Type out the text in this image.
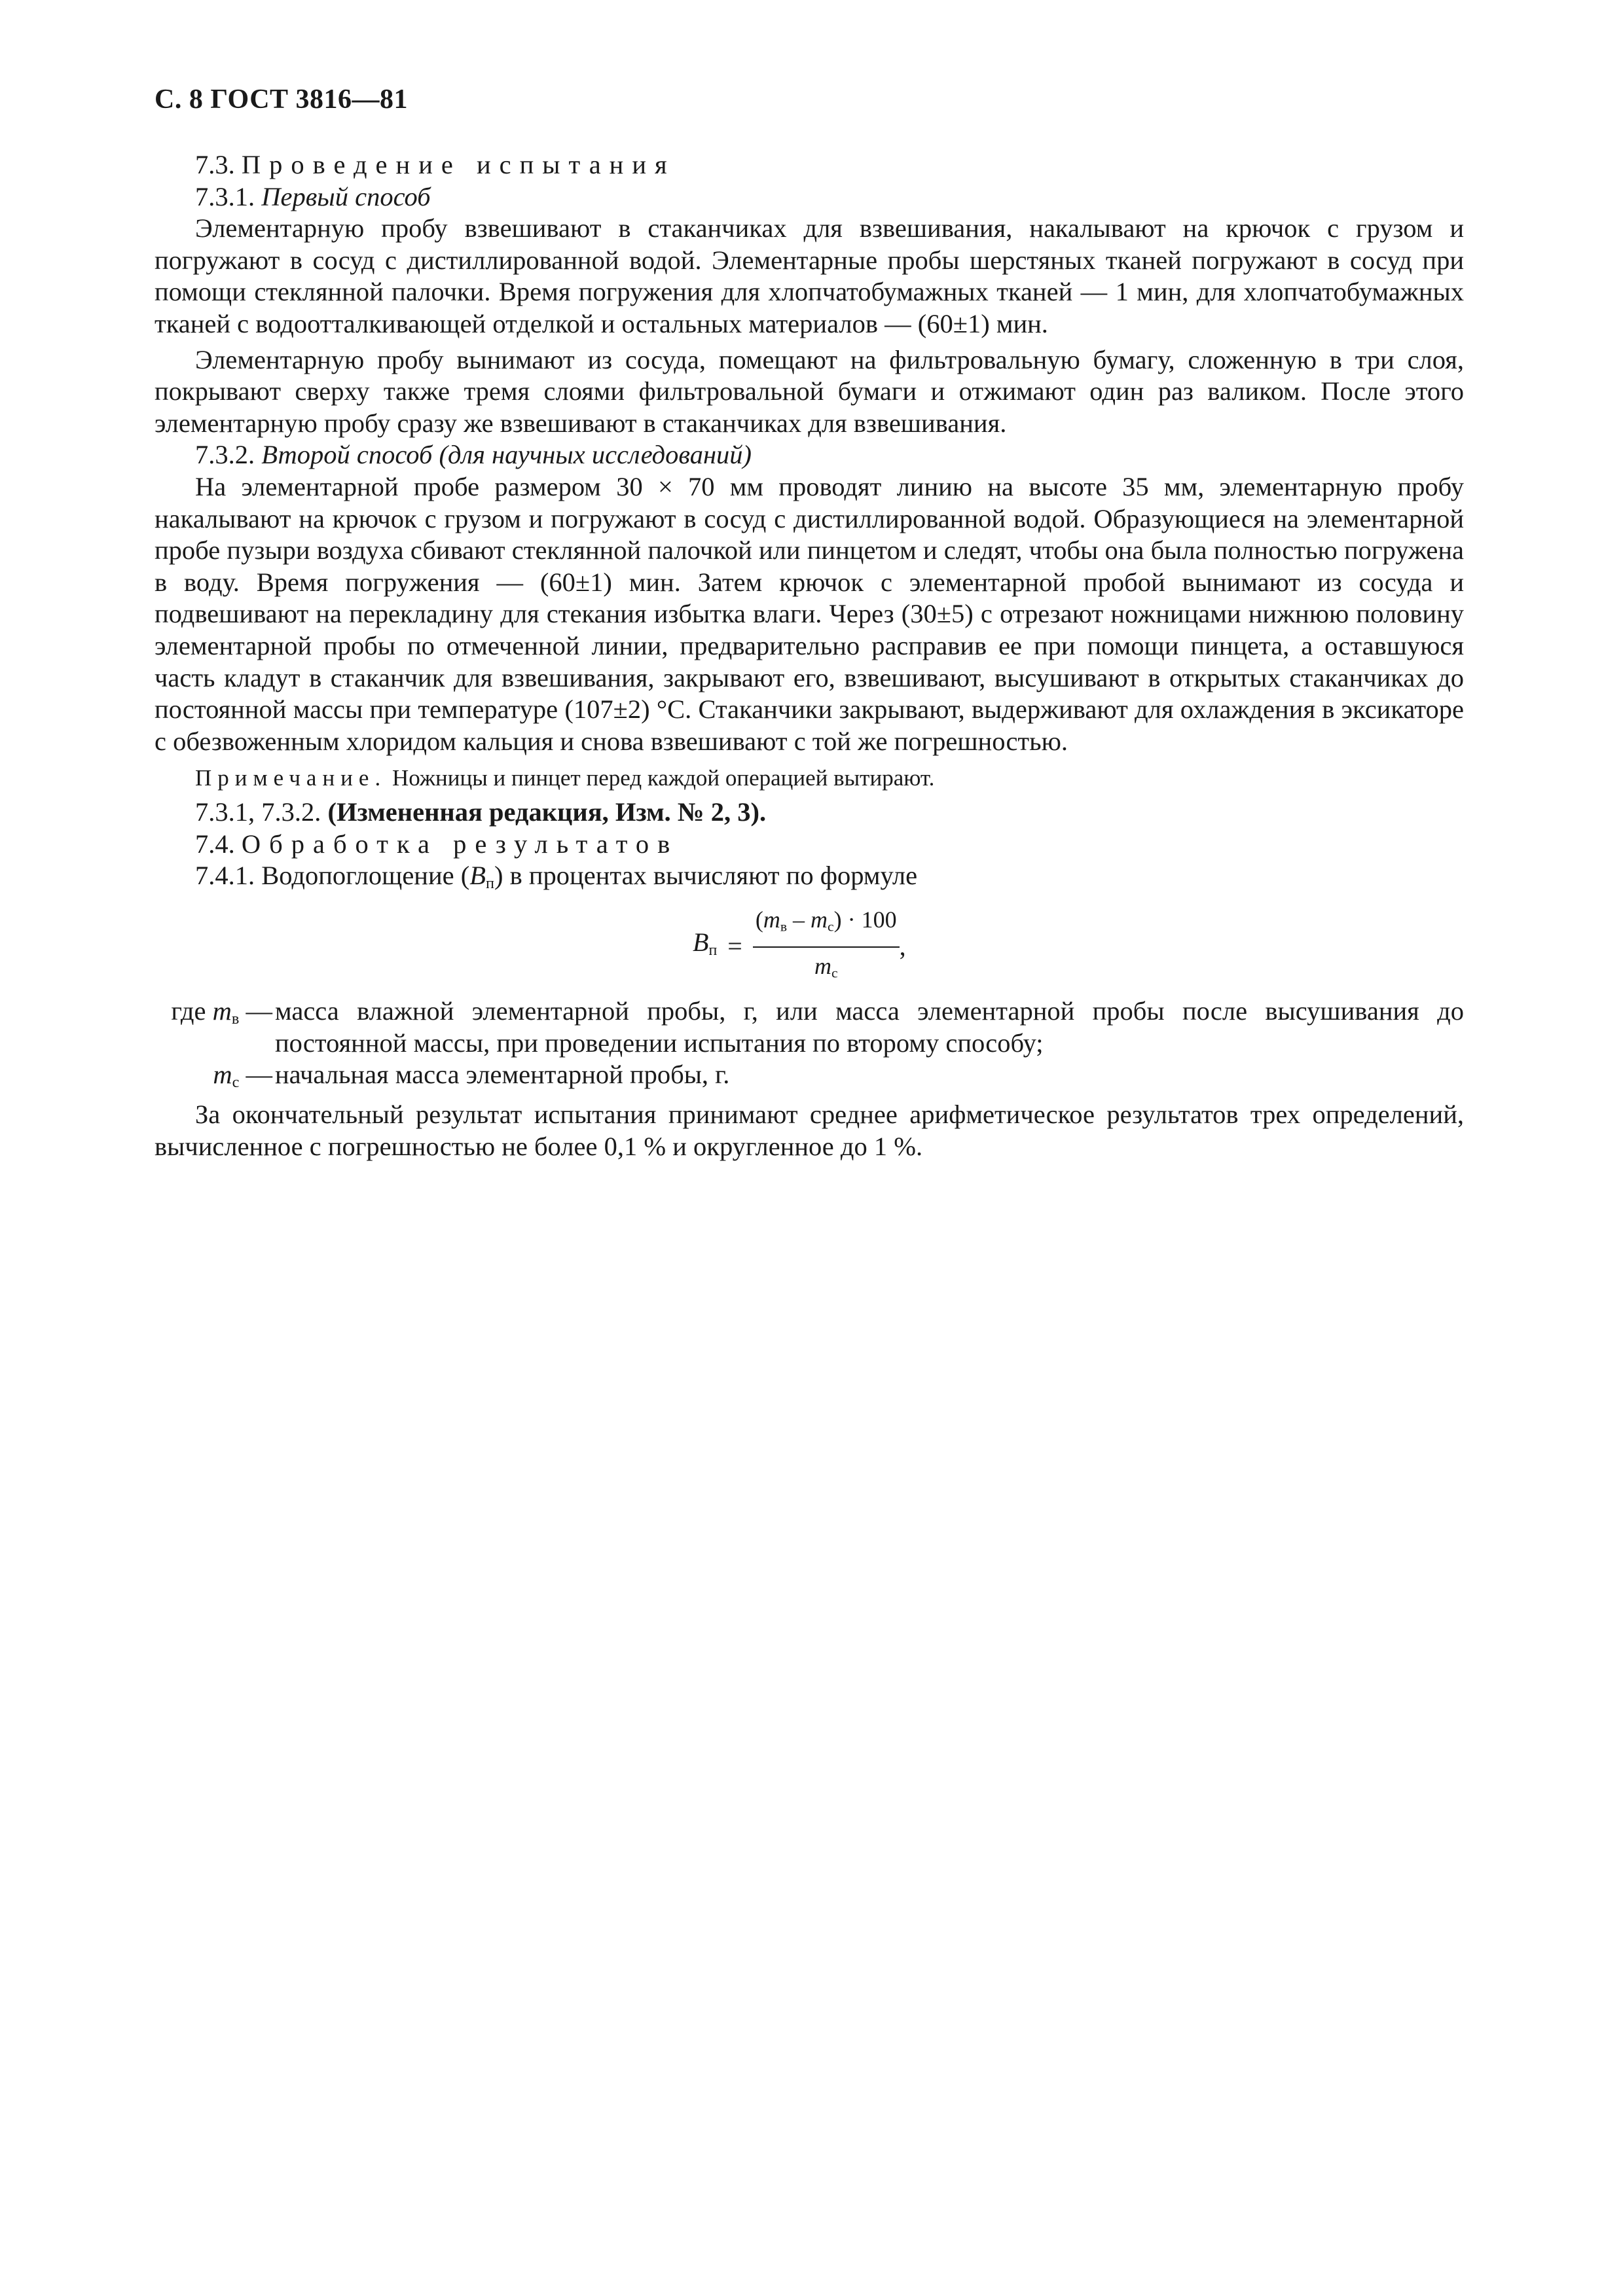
С. 8 ГОСТ 3816—81

7.3. Проведение испытания

7.3.1. Первый способ

Элементарную пробу взвешивают в стаканчиках для взвешивания, накалывают на крючок с грузом и погружают в сосуд с дистиллированной водой. Элементарные пробы шерстяных тканей погружают в сосуд при помощи стеклянной палочки. Время погружения для хлопчатобумажных тканей — 1 мин, для хлопчатобумажных тканей с водоотталкивающей отделкой и остальных материалов — (60±1) мин.

Элементарную пробу вынимают из сосуда, помещают на фильтровальную бумагу, сложенную в три слоя, покрывают сверху также тремя слоями фильтровальной бумаги и отжимают один раз валиком. После этого элементарную пробу сразу же взвешивают в стаканчиках для взвешивания.

7.3.2. Второй способ (для научных исследований)

На элементарной пробе размером 30 × 70 мм проводят линию на высоте 35 мм, элементарную пробу накалывают на крючок с грузом и погружают в сосуд с дистиллированной водой. Образующиеся на элементарной пробе пузыри воздуха сбивают стеклянной палочкой или пинцетом и следят, чтобы она была полностью погружена в воду. Время погружения — (60±1) мин. Затем крючок с элементарной пробой вынимают из сосуда и подвешивают на перекладину для стекания избытка влаги. Через (30±5) с отрезают ножницами нижнюю половину элементарной пробы по отмеченной линии, предварительно расправив ее при помощи пинцета, а оставшуюся часть кладут в стаканчик для взвешивания, закрывают его, взвешивают, высушивают в открытых стаканчиках до постоянной массы при температуре (107±2) °С. Стаканчики закрывают, выдерживают для охлаждения в эксикаторе с обезвоженным хлоридом кальция и снова взвешивают с той же погрешностью.

Примечание. Ножницы и пинцет перед каждой операцией вытирают.

7.3.1, 7.3.2. (Измененная редакция, Изм. № 2, 3).

7.4. Обработка результатов

7.4.1. Водопоглощение $(B_п)$ в процентах вычисляют по формуле

$B_п = \frac{(m_в - m_с) \cdot 100}{m_с}$ ,
где $m_в$ — масса влажной элементарной пробы, г, или масса элементарной пробы после высушивания до постоянной массы, при проведении испытания по второму способу;
$m_с$ — начальная масса элементарной пробы, г.

За окончательный результат испытания принимают среднее арифметическое результатов трех определений, вычисленное с погрешностью не более 0,1 % и округленное до 1 %.
